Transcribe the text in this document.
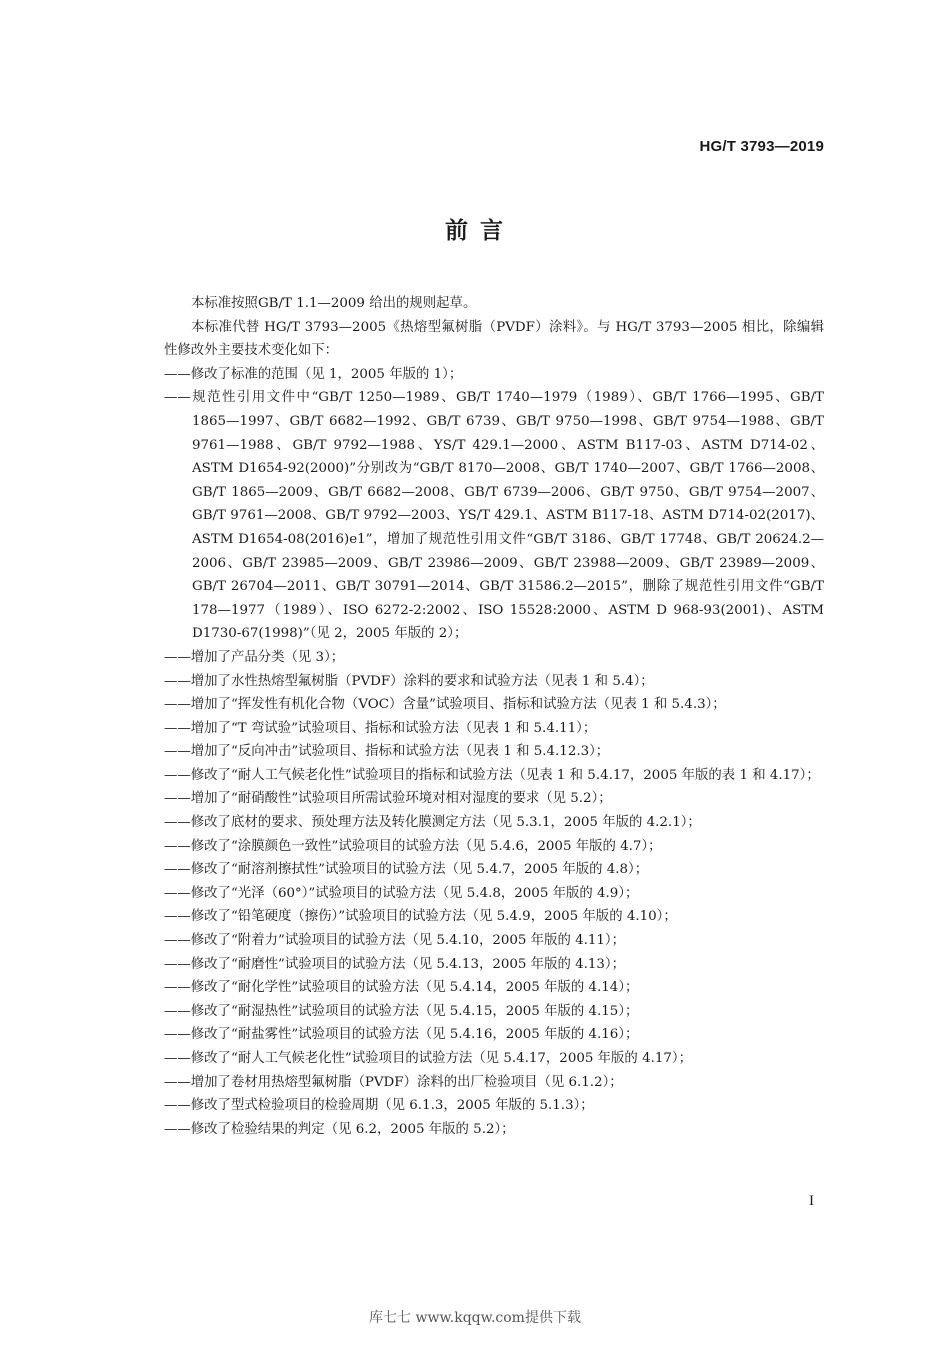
HG/T 3793—2019
前 言

本标准按照GB/T 1.1—2009 给出的规则起草。

本标准代替 HG/T 3793—2005《热熔型氟树脂（PVDF）涂料》。与 HG/T 3793—2005 相比，除编辑性修改外主要技术变化如下：

——修改了标准的范围（见 1，2005 年版的 1）；

——规范性引用文件中“GB/T 1250—1989、GB/T 1740—1979（1989）、GB/T 1766—1995、GB/T 1865—1997、GB/T 6682—1992、GB/T 6739、GB/T 9750—1998、GB/T 9754—1988、GB/T 9761—1988、GB/T 9792—1988、YS/T 429.1—2000、ASTM B117-03、ASTM D714-02、ASTM D1654-92(2000)”分别改为“GB/T 8170—2008、GB/T 1740—2007、GB/T 1766—2008、GB/T 1865—2009、GB/T 6682—2008、GB/T 6739—2006、GB/T 9750、GB/T 9754—2007、GB/T 9761—2008、GB/T 9792—2003、YS/T 429.1、ASTM B117-18、ASTM D714-02(2017)、ASTM D1654-08(2016)e1”，增加了规范性引用文件“GB/T 3186、GB/T 17748、GB/T 20624.2—2006、GB/T 23985—2009、GB/T 23986—2009、GB/T 23988—2009、GB/T 23989—2009、GB/T 26704—2011、GB/T 30791—2014、GB/T 31586.2—2015”，删除了规范性引用文件“GB/T 178—1977（1989）、ISO 6272-2:2002、ISO 15528:2000、ASTM D 968-93(2001)、ASTM D1730-67(1998)”（见 2，2005 年版的 2）；

——增加了产品分类（见 3）；

——增加了水性热熔型氟树脂（PVDF）涂料的要求和试验方法（见表 1 和 5.4）；

——增加了“挥发性有机化合物（VOC）含量”试验项目、指标和试验方法（见表 1 和 5.4.3）；

——增加了“T 弯试验”试验项目、指标和试验方法（见表 1 和 5.4.11）；

——增加了“反向冲击”试验项目、指标和试验方法（见表 1 和 5.4.12.3）；

——修改了“耐人工气候老化性”试验项目的指标和试验方法（见表 1 和 5.4.17，2005 年版的表 1 和 4.17）；

——增加了“耐硝酸性”试验项目所需试验环境对相对湿度的要求（见 5.2）；

——修改了底材的要求、预处理方法及转化膜测定方法（见 5.3.1，2005 年版的 4.2.1）；

——修改了“涂膜颜色一致性”试验项目的试验方法（见 5.4.6，2005 年版的 4.7）；

——修改了“耐溶剂擦拭性”试验项目的试验方法（见 5.4.7，2005 年版的 4.8）；

——修改了“光泽（60°）”试验项目的试验方法（见 5.4.8，2005 年版的 4.9）；

——修改了“铅笔硬度（擦伤）”试验项目的试验方法（见 5.4.9，2005 年版的 4.10）；

——修改了“附着力”试验项目的试验方法（见 5.4.10，2005 年版的 4.11）；

——修改了“耐磨性”试验项目的试验方法（见 5.4.13，2005 年版的 4.13）；

——修改了“耐化学性”试验项目的试验方法（见 5.4.14，2005 年版的 4.14）；

——修改了“耐湿热性”试验项目的试验方法（见 5.4.15，2005 年版的 4.15）；

——修改了“耐盐雾性”试验项目的试验方法（见 5.4.16，2005 年版的 4.16）；

——修改了“耐人工气候老化性”试验项目的试验方法（见 5.4.17，2005 年版的 4.17）；

——增加了卷材用热熔型氟树脂（PVDF）涂料的出厂检验项目（见 6.1.2）；

——修改了型式检验项目的检验周期（见 6.1.3，2005 年版的 5.1.3）；

——修改了检验结果的判定（见 6.2，2005 年版的 5.2）；

I
库七七 www.kqqw.com提供下载
